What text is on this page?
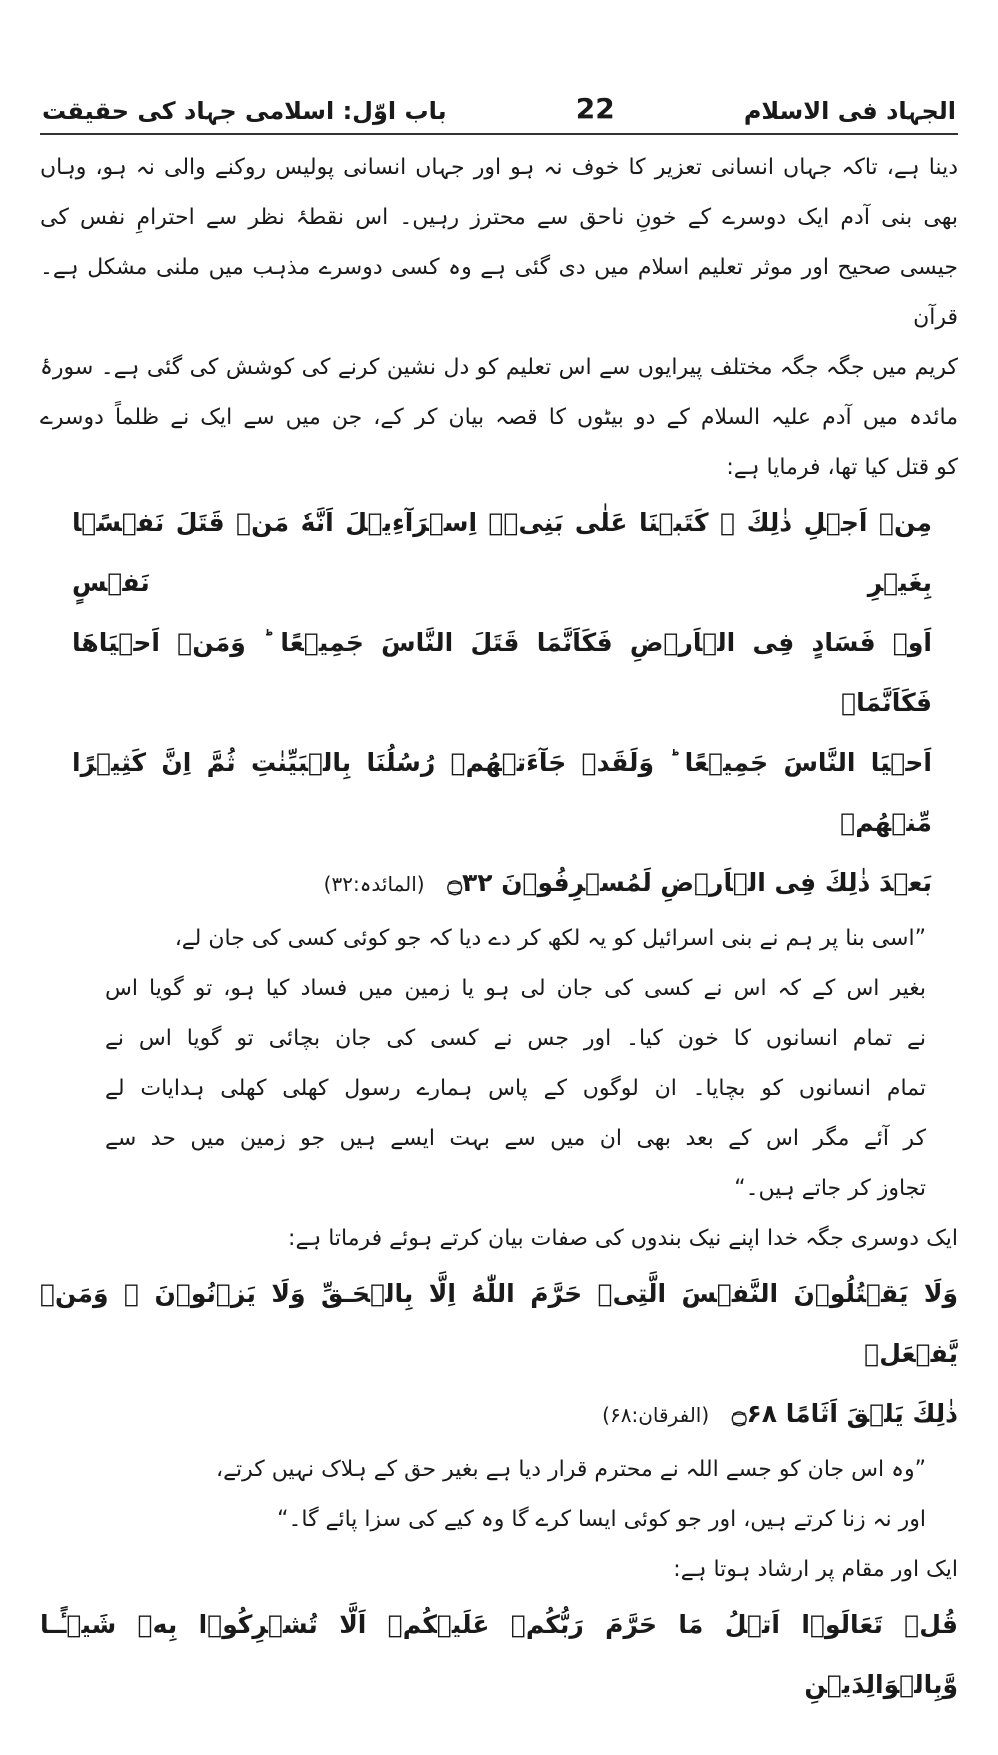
الجہاد فی الاسلام
22
باب اوّل: اسلامی جہاد کی حقیقت
دینا ہے، تاکہ جہاں انسانی تعزیر کا خوف نہ ہو اور جہاں انسانی پولیس روکنے والی نہ ہو، وہاں
بھی بنی آدم ایک دوسرے کے خونِ ناحق سے محترز رہیں۔ اس نقطۂ نظر سے احترامِ نفس کی
جیسی صحیح اور موثر تعلیم اسلام میں دی گئی ہے وہ کسی دوسرے مذہب میں ملنی مشکل ہے۔ قرآن
کریم میں جگہ جگہ مختلف پیرایوں سے اس تعلیم کو دل نشین کرنے کی کوشش کی گئی ہے۔ سورۂ
مائدہ میں آدم علیہ السلام کے دو بیٹوں کا قصہ بیان کر کے، جن میں سے ایک نے ظلماً دوسرے
کو قتل کیا تھا، فرمایا ہے:
مِنۡ اَجۡلِ ذٰلِكَ ۚ كَتَبۡنَا عَلٰى بَنِىۡۤ اِسۡرَآءِيۡلَ اَنَّهٗ مَنۡ قَتَلَ نَفۡسًۢا بِغَيۡرِ نَفۡسٍ
اَوۡ فَسَادٍ فِى الۡاَرۡضِ فَكَاَنَّمَا قَتَلَ النَّاسَ جَمِيۡعًا ؕ وَمَنۡ اَحۡيَاهَا فَكَاَنَّمَاۤ
اَحۡيَا النَّاسَ جَمِيۡعًا ؕ وَلَقَدۡ جَآءَتۡهُمۡ رُسُلُنَا بِالۡبَيِّنٰتِ ثُمَّ اِنَّ كَثِيۡرًا مِّنۡهُمۡ
بَعۡدَ ذٰلِكَ فِى الۡاَرۡضِ لَمُسۡرِفُوۡنَ ۝۳۲ (المائدہ:۳۲)
”اسی بنا پر ہم نے بنی اسرائیل کو یہ لکھ کر دے دیا کہ جو کوئی کسی کی جان لے،
بغیر اس کے کہ اس نے کسی کی جان لی ہو یا زمین میں فساد کیا ہو، تو گویا اس
نے تمام انسانوں کا خون کیا۔ اور جس نے کسی کی جان بچائی تو گویا اس نے
تمام انسانوں کو بچایا۔ ان لوگوں کے پاس ہمارے رسول کھلی کھلی ہدایات لے
کر آئے مگر اس کے بعد بھی ان میں سے بہت ایسے ہیں جو زمین میں حد سے
تجاوز کر جاتے ہیں۔“
ایک دوسری جگہ خدا اپنے نیک بندوں کی صفات بیان کرتے ہوئے فرماتا ہے:
وَلَا يَقۡتُلُوۡنَ النَّفۡسَ الَّتِىۡ حَرَّمَ اللّٰهُ اِلَّا بِالۡحَـقِّ وَلَا يَزۡنُوۡنَ ۚ وَمَنۡ يَّفۡعَلۡ
ذٰلِكَ يَلۡقَ اَثَامًا ۝۶۸ (الفرقان:۶۸)
”وہ اس جان کو جسے اللہ نے محترم قرار دیا ہے بغیر حق کے ہلاک نہیں کرتے،
اور نہ زنا کرتے ہیں، اور جو کوئی ایسا کرے گا وہ کیے کی سزا پائے گا۔“
ایک اور مقام پر ارشاد ہوتا ہے:
قُلۡ تَعَالَوۡا اَتۡلُ مَا حَرَّمَ رَبُّكُمۡ عَلَيۡكُمۡ اَلَّا تُشۡرِكُوۡا بِهٖ شَيۡـًٔـا وَّبِالۡوَالِدَيۡنِ
